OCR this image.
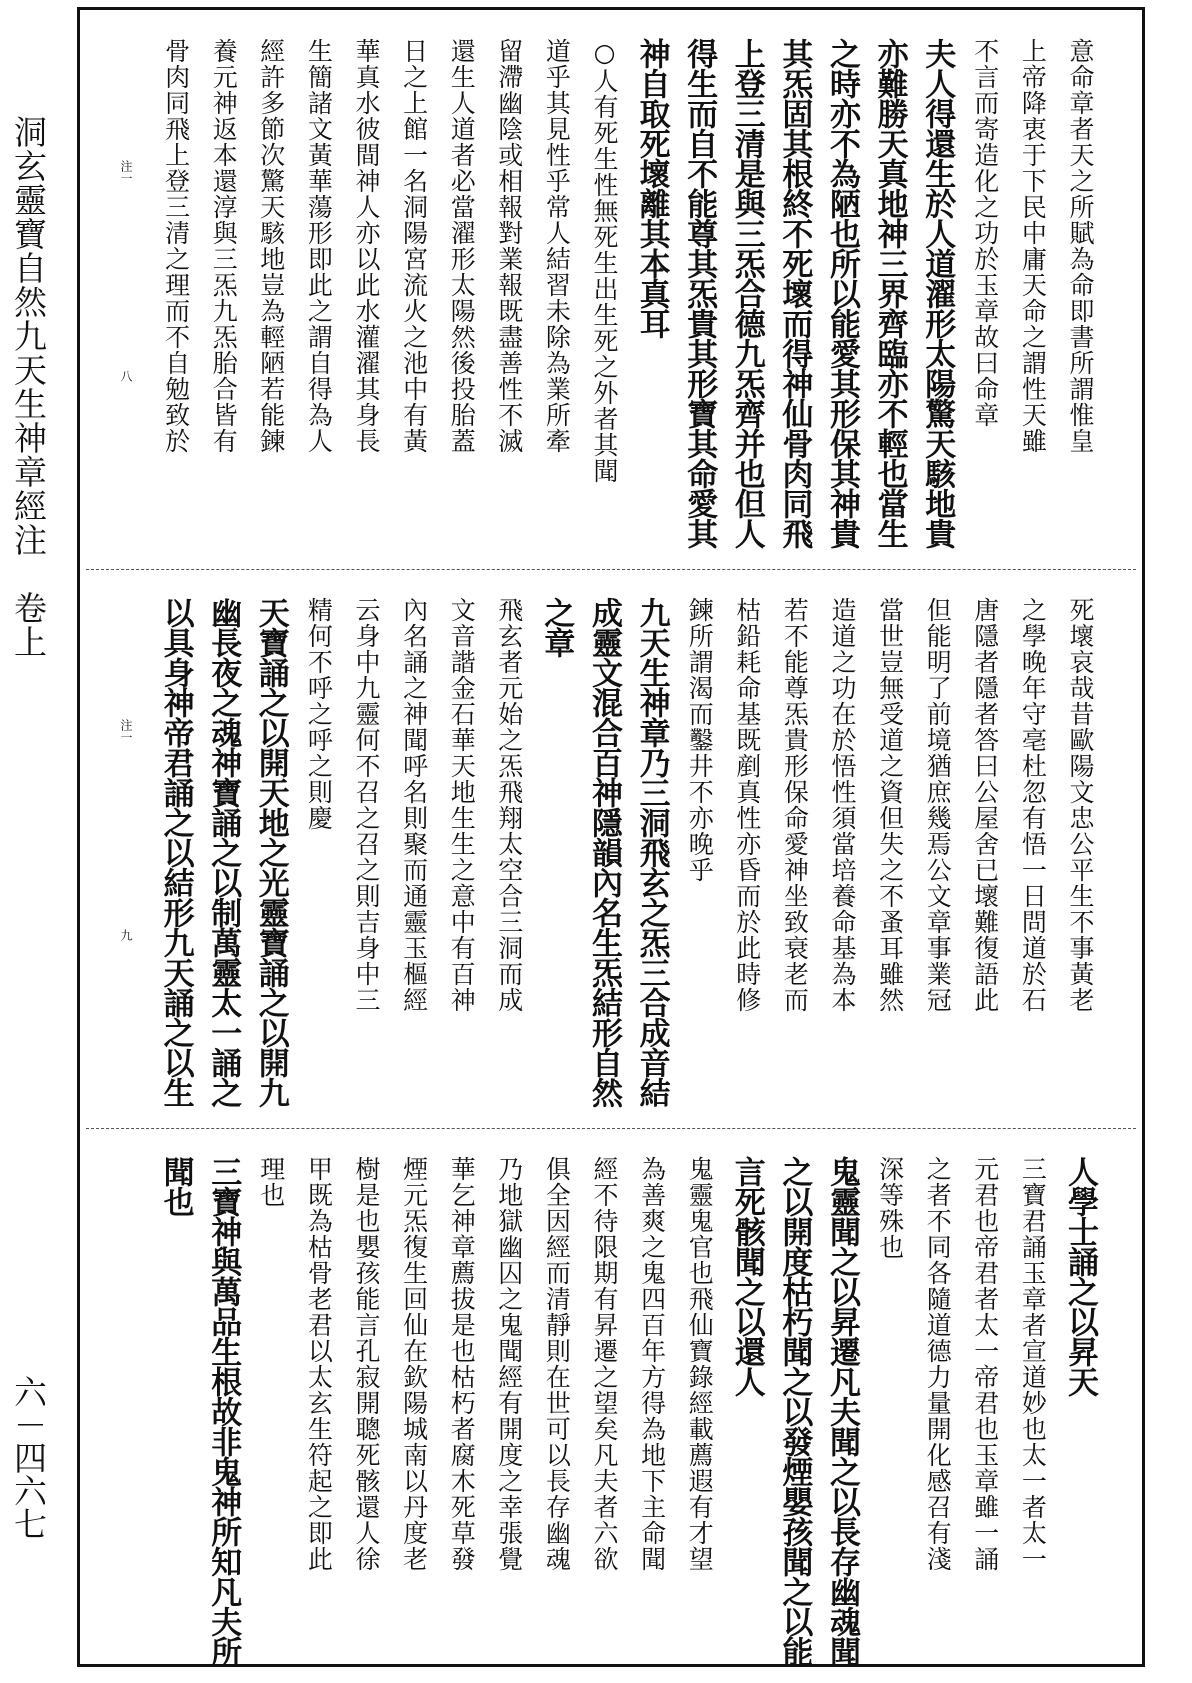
洞玄靈寶自然九天生神章經注　卷上
六－四六七
意命章者天之所賦為命即書所謂惟皇
上帝降衷于下民中庸天命之謂性天雖
不言而寄造化之功於玉章故曰命章
夫人得還生於人道濯形太陽驚天駭地貴
亦難勝天真地神三界齊臨亦不輕也當生
之時亦不為陋也所以能愛其形保其神貴
其炁固其根終不死壞而得神仙骨肉同飛
上登三清是與三炁合德九炁齊并也但人
得生而自不能尊其炁貴其形寶其命愛其
神自取死壞離其本真耳
○人有死生性無死生出生死之外者其聞
道乎其見性乎常人結習未除為業所牽
留滯幽陰或相報對業報既盡善性不滅
還生人道者必當濯形太陽然後投胎蓋
日之上館一名洞陽宮流火之池中有黃
華真水彼間神人亦以此水灌濯其身長
生簡諸文黃華蕩形即此之謂自得為人
經許多節次驚天駭地豈為輕陋若能鍊
養元神返本還淳與三炁九炁胎合皆有
骨肉同飛上登三清之理而不自勉致於
注一
八
死壞哀哉昔歐陽文忠公平生不事黃老
之學晚年守亳杜忽有悟一日問道於石
唐隱者隱者答曰公屋舍已壞難復語此
但能明了前境猶庶幾焉公文章事業冠
當世豈無受道之資但失之不蚤耳雖然
造道之功在於悟性須當培養命基為本
若不能尊炁貴形保命愛神坐致衰老而
枯鉛耗命基既剷真性亦昏而於此時修
鍊所謂渴而鑿井不亦晚乎
九天生神章乃三洞飛玄之炁三合成音結
成靈文混合百神隱韻內名生炁結形自然
之章
飛玄者元始之炁飛翔太空合三洞而成
文音諧金石華天地生生之意中有百神
內名誦之神聞呼名則聚而通靈玉樞經
云身中九靈何不召之召之則吉身中三
精何不呼之呼之則慶
天寶誦之以開天地之光靈寶誦之以開九
幽長夜之魂神寶誦之以制萬靈太一誦之
以具身神帝君誦之以結形九天誦之以生
注一
九
人學士誦之以昇天
三寶君誦玉章者宣道妙也太一者太一
元君也帝君者太一帝君也玉章雖一誦
之者不同各隨道德力量開化感召有淺
深等殊也
鬼靈聞之以昇遷凡夫聞之以長存幽魂聞
之以開度枯朽聞之以發煙嬰孩聞之以能
言死骸聞之以還人
鬼靈鬼官也飛仙寶錄經載薦遐有才望
為善爽之鬼四百年方得為地下主命聞
經不待限期有昇遷之望矣凡夫者六欲
俱全因經而清靜則在世可以長存幽魂
乃地獄幽囚之鬼聞經有開度之幸張覺
華乞神章薦拔是也枯朽者腐木死草發
煙元炁復生回仙在欽陽城南以丹度老
樹是也嬰孩能言孔寂開聰死骸還人徐
甲既為枯骨老君以太玄生符起之即此
理也
三寶神與萬品生根故非鬼神所知凡夫所
聞也
